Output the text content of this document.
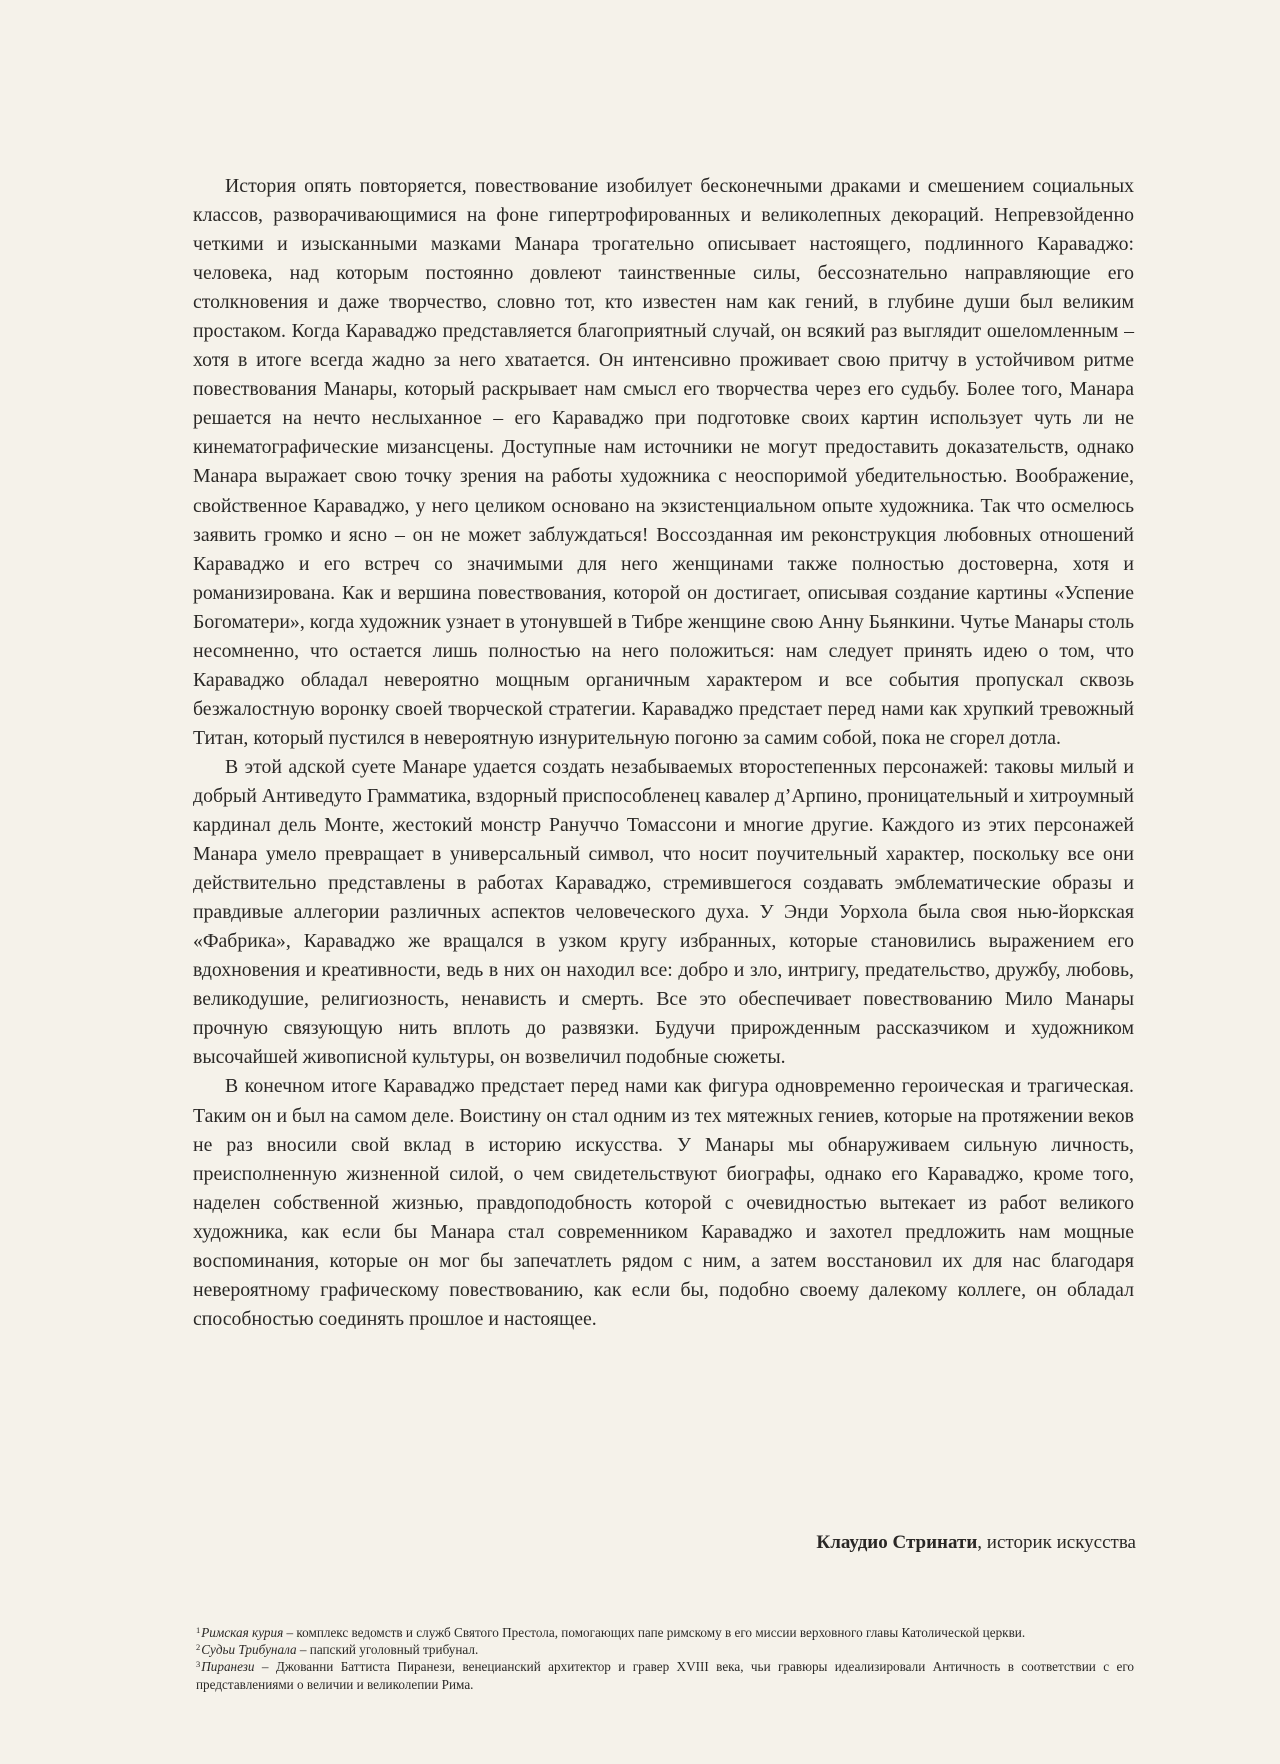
История опять повторяется, повествование изобилует бесконечными драками и смешением социальных классов, разворачивающимися на фоне гипертрофированных и великолепных декораций. Непревзойденно четкими и изысканными мазками Манара трогательно описывает настоящего, подлинного Караваджо: человека, над которым постоянно довлеют таинственные силы, бессознательно направляющие его столкновения и даже творчество, словно тот, кто известен нам как гений, в глубине души был великим простаком. Когда Караваджо представляется благоприятный случай, он всякий раз выглядит ошеломленным – хотя в итоге всегда жадно за него хватается. Он интенсивно проживает свою притчу в устойчивом ритме повествования Манары, который раскрывает нам смысл его творчества через его судьбу. Более того, Манара решается на нечто неслыханное – его Караваджо при подготовке своих картин использует чуть ли не кинематографические мизансцены. Доступные нам источники не могут предоставить доказательств, однако Манара выражает свою точку зрения на работы художника с неоспоримой убедительностью. Воображение, свойственное Караваджо, у него целиком основано на экзистенциальном опыте художника. Так что осмелюсь заявить громко и ясно – он не может заблуждаться! Воссозданная им реконструкция любовных отношений Караваджо и его встреч со значимыми для него женщинами также полностью достоверна, хотя и романизирована. Как и вершина повествования, которой он достигает, описывая создание картины «Успение Богоматери», когда художник узнает в утонувшей в Тибре женщине свою Анну Бьянкини. Чутье Манары столь несомненно, что остается лишь полностью на него положиться: нам следует принять идею о том, что Караваджо обладал невероятно мощным органичным характером и все события пропускал сквозь безжалостную воронку своей творческой стратегии. Караваджо предстает перед нами как хрупкий тревожный Титан, который пустился в невероятную изнурительную погоню за самим собой, пока не сгорел дотла.

В этой адской суете Манаре удается создать незабываемых второстепенных персонажей: таковы милый и добрый Антиведуто Грамматика, вздорный приспособленец кавалер д’Арпино, проницательный и хитроумный кардинал дель Монте, жестокий монстр Рануччо Томассони и многие другие. Каждого из этих персонажей Манара умело превращает в универсальный символ, что носит поучительный характер, поскольку все они действительно представлены в работах Караваджо, стремившегося создавать эмблематические образы и правдивые аллегории различных аспектов человеческого духа. У Энди Уорхола была своя нью-йоркская «Фабрика», Караваджо же вращался в узком кругу избранных, которые становились выражением его вдохновения и креативности, ведь в них он находил все: добро и зло, интригу, предательство, дружбу, любовь, великодушие, религиозность, ненависть и смерть. Все это обеспечивает повествованию Мило Манары прочную связующую нить вплоть до развязки. Будучи прирожденным рассказчиком и художником высочайшей живописной культуры, он возвеличил подобные сюжеты.

В конечном итоге Караваджо предстает перед нами как фигура одновременно героическая и трагическая. Таким он и был на самом деле. Воистину он стал одним из тех мятежных гениев, которые на протяжении веков не раз вносили свой вклад в историю искусства. У Манары мы обнаруживаем сильную личность, преисполненную жизненной силой, о чем свидетельствуют биографы, однако его Караваджо, кроме того, наделен собственной жизнью, правдоподобность которой с очевидностью вытекает из работ великого художника, как если бы Манара стал современником Караваджо и захотел предложить нам мощные воспоминания, которые он мог бы запечатлеть рядом с ним, а затем восстановил их для нас благодаря невероятному графическому повествованию, как если бы, подобно своему далекому коллеге, он обладал способностью соединять прошлое и настоящее.

Клаудио Стринати, историк искусства

$^1$Римская курия – комплекс ведомств и служб Святого Престола, помогающих папе римскому в его миссии верховного главы Католической церкви.

$^2$Судьи Трибунала – папский уголовный трибунал.

$^3$Пиранези – Джованни Баттиста Пиранези, венецианский архитектор и гравер XVIII века, чьи гравюры идеализировали Античность в соответствии с его представлениями о величии и великолепии Рима.
